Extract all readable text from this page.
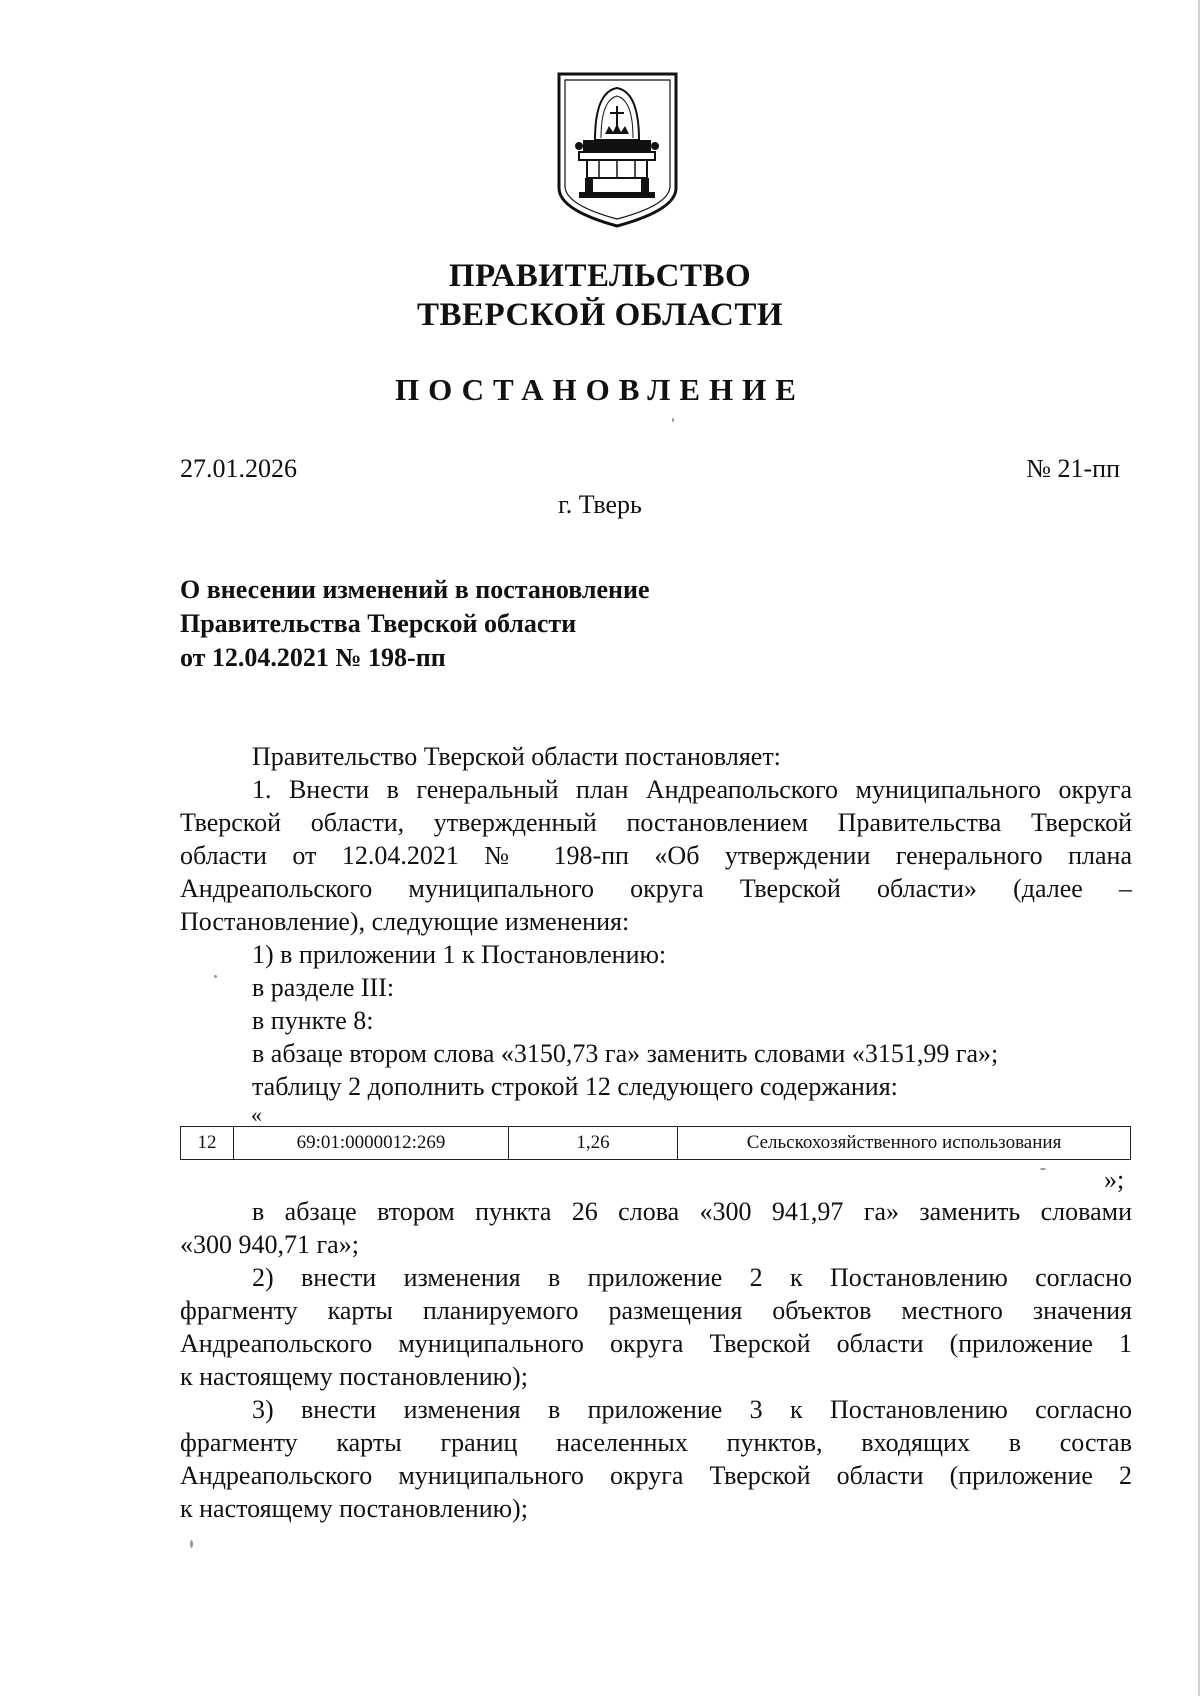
ПРАВИТЕЛЬСТВО
ТВЕРСКОЙ ОБЛАСТИ
ПОСТАНОВЛЕНИЕ
27.01.2026	№ 21-пп
г. Тверь
О внесении изменений в постановление
Правительства Тверской области
от 12.04.2021 № 198-пп

Правительство Тверской области постановляет:

1. Внести в генеральный план Андреапольского муниципального округа

Тверской области, утвержденный постановлением Правительства Тверской

области от 12.04.2021 № 198-пп «Об утверждении генерального плана

Андреапольского муниципального округа Тверской области» (далее –

Постановление), следующие изменения:

1) в приложении 1 к Постановлению:

в разделе III:

в пункте 8:

в абзаце втором слова «3150,73 га» заменить словами «3151,99 га»;

таблицу 2 дополнить строкой 12 следующего содержания:

«
12	69:01:0000012:269	1,26	Сельскохозяйственного использования
»;

в абзаце втором пункта 26 слова «300 941,97 га» заменить словами

«300 940,71 га»;

2) внести изменения в приложение 2 к Постановлению согласно

фрагменту карты планируемого размещения объектов местного значения

Андреапольского муниципального округа Тверской области (приложение 1

к настоящему постановлению);

3) внести изменения в приложение 3 к Постановлению согласно

фрагменту карты границ населенных пунктов, входящих в состав

Андреапольского муниципального округа Тверской области (приложение 2

к настоящему постановлению);
